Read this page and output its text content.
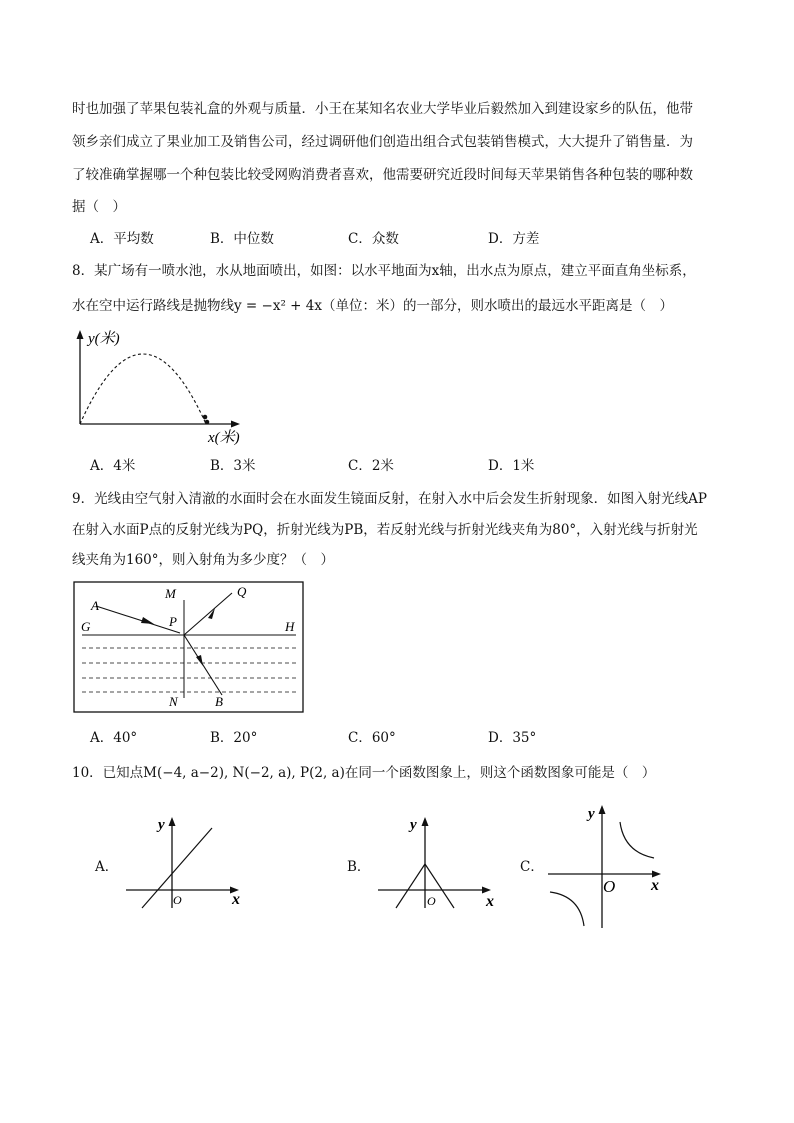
时也加强了苹果包装礼盒的外观与质量．小王在某知名农业大学毕业后毅然加入到建设家乡的队伍，他带
领乡亲们成立了果业加工及销售公司，经过调研他们创造出组合式包装销售模式，大大提升了销售量．为
了较准确掌握哪一个种包装比较受网购消费者喜欢，他需要研究近段时间每天苹果销售各种包装的哪种数
据（　）
A．平均数	B．中位数	C．众数	D．方差
8．某广场有一喷水池，水从地面喷出，如图：以水平地面为x轴，出水点为原点，建立平面直角坐标系，
水在空中运行路线是抛物线y = −x² + 4x（单位：米）的一部分，则水喷出的最远水平距离是（　）
y(米)
x(米)
A．4米	B．3米	C．2米	D．1米
9．光线由空气射入清澈的水面时会在水面发生镜面反射，在射入水中后会发生折射现象．如图入射光线AP
在射入水面P点的反射光线为PQ，折射光线为PB，若反射光线与折射光线夹角为80°，入射光线与折射光
线夹角为160°，则入射角为多少度？（　）
M	Q
A
P
G	H
N	B
A．40°	B．20°	C．60°	D．35°
10．已知点M(−4, a−2), N(−2, a), P(2, a)在同一个函数图象上，则这个函数图象可能是（　）
A．
y
x
O
B．
y
x
O
C．
y
x
O
